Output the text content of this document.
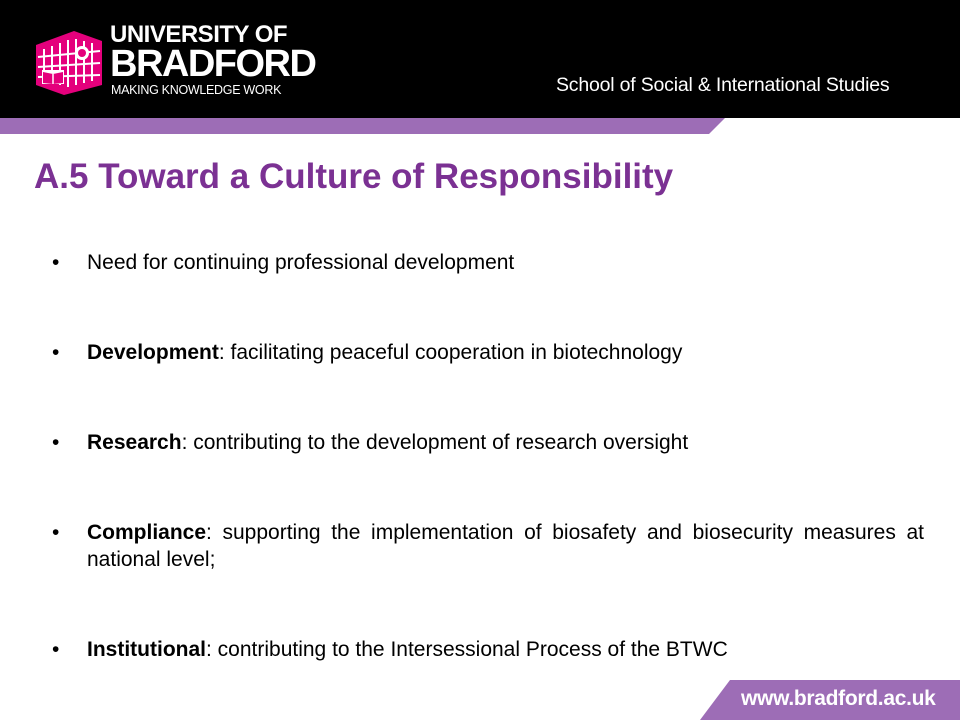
UNIVERSITY OF
BRADFORD
MAKING KNOWLEDGE WORK	School of Social & International Studies
A.5 Toward a Culture of Responsibility
• Need for continuing professional development
• Development: facilitating peaceful cooperation in biotechnology
• Research: contributing to the development of research oversight
• Compliance: supporting the implementation of biosafety and biosecurity measures at national level;
• Institutional: contributing to the Intersessional Process of the BTWC
www.bradford.ac.uk
